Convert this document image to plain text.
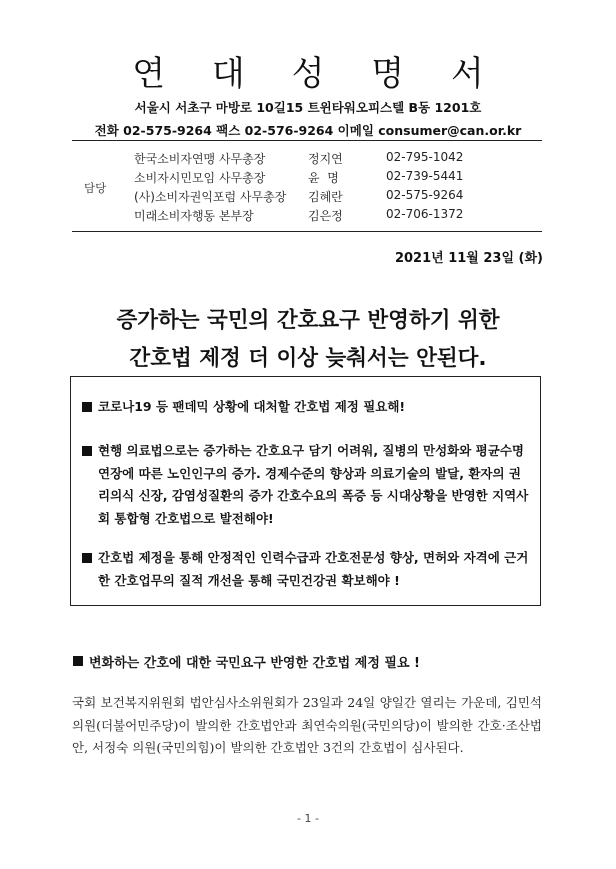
연 대 성 명 서
서울시 서초구 마방로 10길15 트윈타워오피스텔 B동 1201호
전화 02-575-9264 팩스 02-576-9264 이메일 consumer@can.or.kr
담당
한국소비자연맹 사무총장	정지연	02-795-1042
소비자시민모임 사무총장	윤  명	02-739-5441
(사)소비자권익포럼 사무총장 김혜란	02-575-9264
미래소비자행동 본부장	김은정	02-706-1372
2021년 11월 23일 (화)
증가하는 국민의 간호요구 반영하기 위한
간호법 제정 더 이상 늦춰서는 안된다.
코로나19 등 팬데믹 상황에 대처할 간호법 제정 필요해!
현행 의료법으로는 증가하는 간호요구 담기 어려워, 질병의 만성화와 평균수명 연장에 따른 노인인구의 증가. 경제수준의 향상과 의료기술의 발달, 환자의 권리의식 신장, 감염성질환의 증가 간호수요의 폭증 등 시대상황을 반영한 지역사회 통합형 간호법으로 발전해야!
간호법 제정을 통해 안정적인 인력수급과 간호전문성 향상, 면허와 자격에 근거한 간호업무의 질적 개선을 통해 국민건강권 확보해야 !
변화하는 간호에 대한 국민요구 반영한 간호법 제정 필요 !
국회 보건복지위원회 법안심사소위원회가 23일과 24일 양일간 열리는 가운데, 김민석 의원(더불어민주당)이 발의한 간호법안과 최연숙의원(국민의당)이 발의한 간호·조산법안, 서정숙 의원(국민의힘)이 발의한 간호법안 3건의 간호법이 심사된다.
- 1 -
